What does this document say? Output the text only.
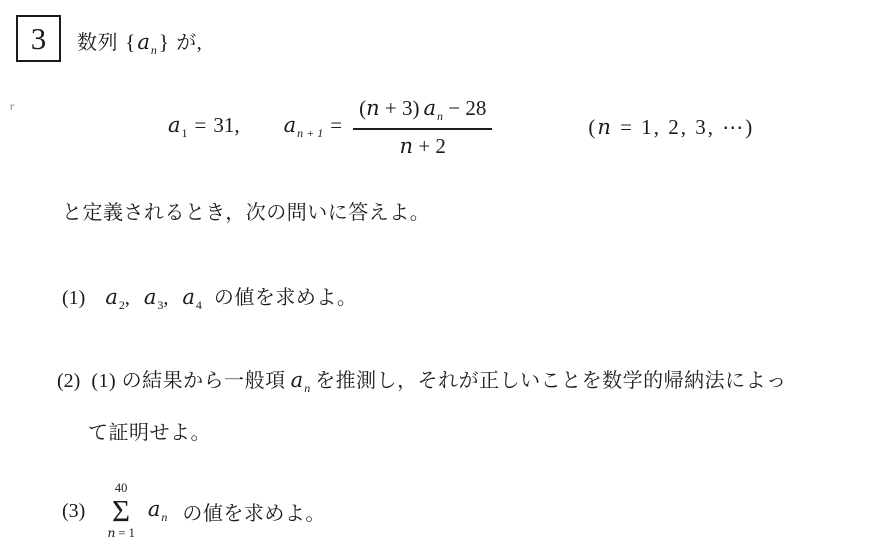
3 数列 $\{a_n\}$ が,
r
$a_1 = 31$, $a_{n + 1} = \frac{(n + 3) a_n - 28}{n + 2}$	(n = 1, 2, 3, ⋯)
と定義されるとき，次の問いに答えよ。
(1) $a_2$, $a_3$, $a_4$ の値を求めよ。
(2) (1) の結果から一般項 $a_n$ を推測し，それが正しいことを数学的帰納法によっ
て証明せよ。
(3)
40
Σ
n = 1
$a_n$ の値を求めよ。
